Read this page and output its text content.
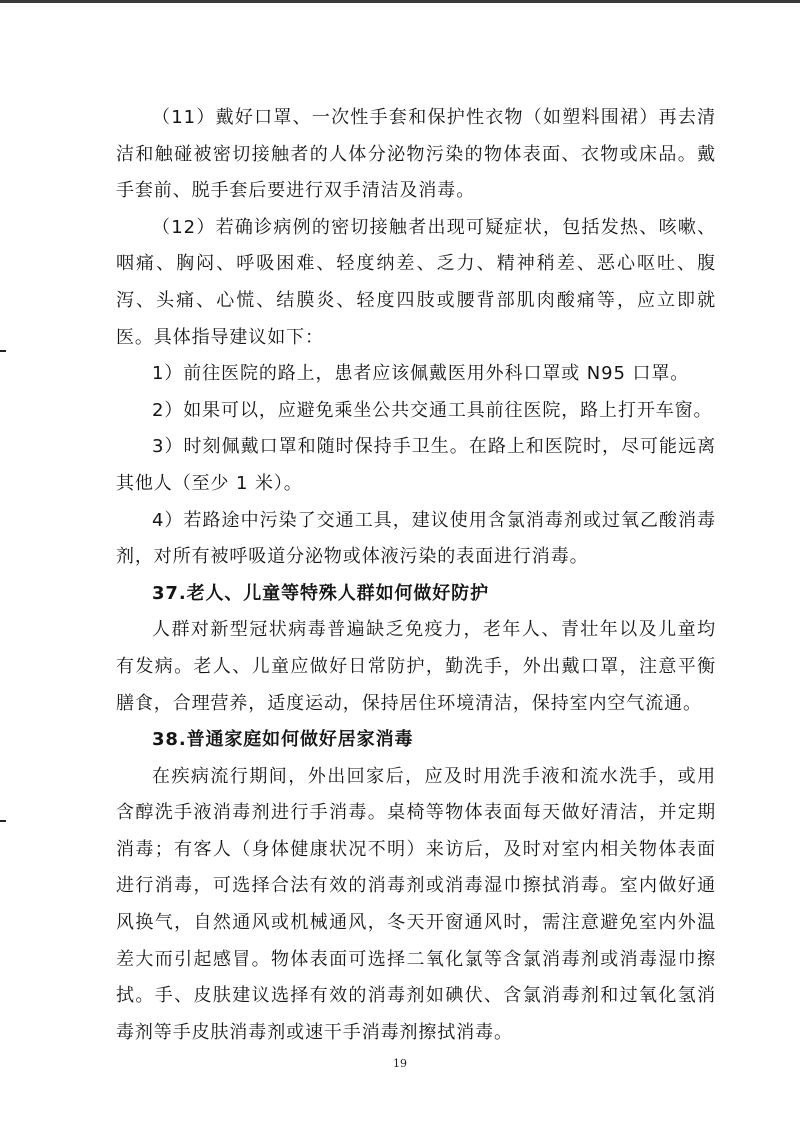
（11）戴好口罩、一次性手套和保护性衣物（如塑料围裙）再去清洁和触碰被密切接触者的人体分泌物污染的物体表面、衣物或床品。戴手套前、脱手套后要进行双手清洁及消毒。

（12）若确诊病例的密切接触者出现可疑症状，包括发热、咳嗽、咽痛、胸闷、呼吸困难、轻度纳差、乏力、精神稍差、恶心呕吐、腹泻、头痛、心慌、结膜炎、轻度四肢或腰背部肌肉酸痛等，应立即就医。具体指导建议如下：

1）前往医院的路上，患者应该佩戴医用外科口罩或 N95 口罩。

2）如果可以，应避免乘坐公共交通工具前往医院，路上打开车窗。

3）时刻佩戴口罩和随时保持手卫生。在路上和医院时，尽可能远离其他人（至少 1 米）。

4）若路途中污染了交通工具，建议使用含氯消毒剂或过氧乙酸消毒剂，对所有被呼吸道分泌物或体液污染的表面进行消毒。

37.老人、儿童等特殊人群如何做好防护

人群对新型冠状病毒普遍缺乏免疫力，老年人、青壮年以及儿童均有发病。老人、儿童应做好日常防护，勤洗手，外出戴口罩，注意平衡膳食，合理营养，适度运动，保持居住环境清洁，保持室内空气流通。

38.普通家庭如何做好居家消毒

在疾病流行期间，外出回家后，应及时用洗手液和流水洗手，或用含醇洗手液消毒剂进行手消毒。桌椅等物体表面每天做好清洁，并定期消毒；有客人（身体健康状况不明）来访后，及时对室内相关物体表面进行消毒，可选择合法有效的消毒剂或消毒湿巾擦拭消毒。室内做好通风换气，自然通风或机械通风，冬天开窗通风时，需注意避免室内外温差大而引起感冒。物体表面可选择二氧化氯等含氯消毒剂或消毒湿巾擦拭。手、皮肤建议选择有效的消毒剂如碘伏、含氯消毒剂和过氧化氢消毒剂等手皮肤消毒剂或速干手消毒剂擦拭消毒。

19
